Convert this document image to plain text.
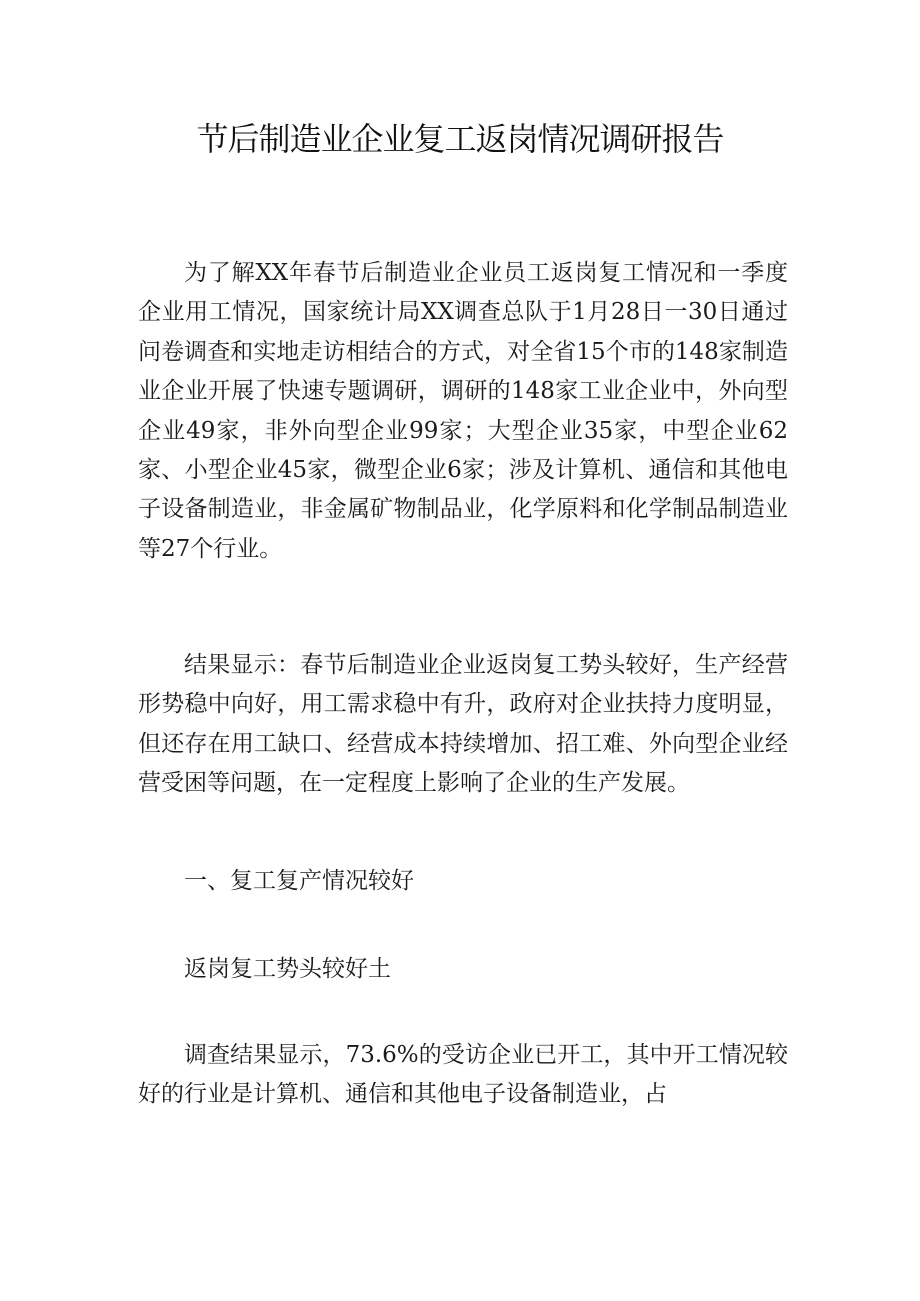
节后制造业企业复工返岗情况调研报告

为了解XX年春节后制造业企业员工返岗复工情况和一季度企业用工情况，国家统计局XX调查总队于1月28日一30日通过问卷调查和实地走访相结合的方式，对全省15个市的148家制造业企业开展了快速专题调研，调研的148家工业企业中，外向型企业49家，非外向型企业99家；大型企业35家，中型企业62家、小型企业45家，微型企业6家；涉及计算机、通信和其他电子设备制造业，非金属矿物制品业，化学原料和化学制品制造业等27个行业。

结果显示：春节后制造业企业返岗复工势头较好，生产经营形势稳中向好，用工需求稳中有升，政府对企业扶持力度明显，但还存在用工缺口、经营成本持续增加、招工难、外向型企业经营受困等问题，在一定程度上影响了企业的生产发展。

一、复工复产情况较好

返岗复工势头较好土

调查结果显示，73.6%的受访企业已开工，其中开工情况较好的行业是计算机、通信和其他电子设备制造业，占
